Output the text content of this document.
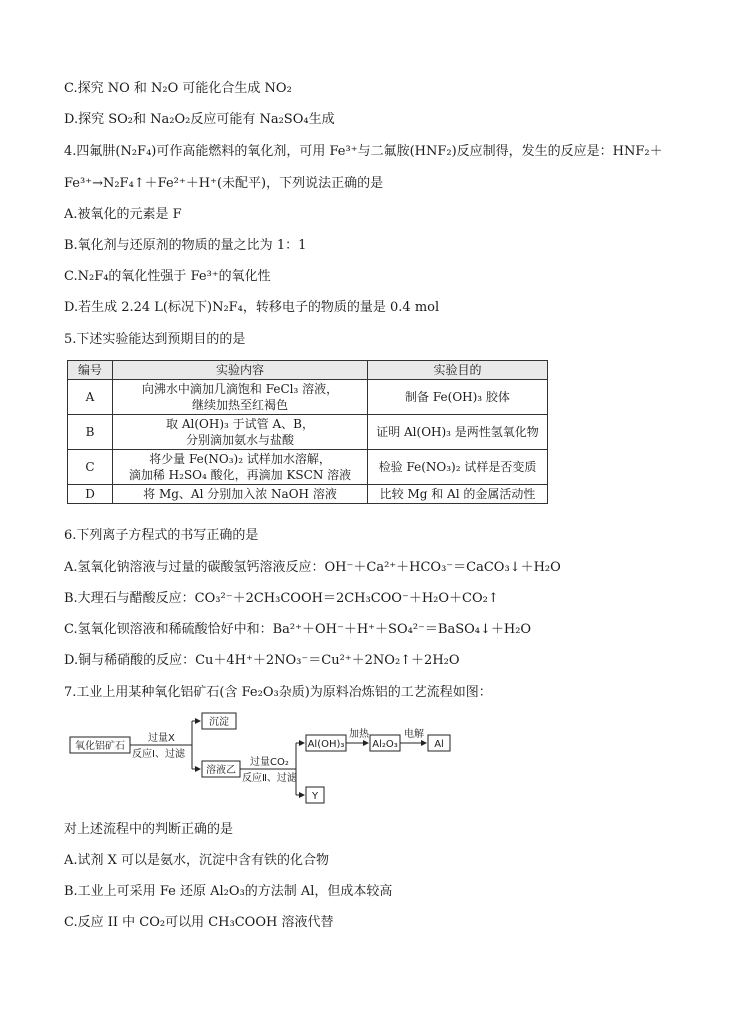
C.探究 NO 和 N₂O 可能化合生成 NO₂
D.探究 SO₂和 Na₂O₂反应可能有 Na₂SO₄生成
4.四氟肼(N₂F₄)可作高能燃料的氧化剂，可用 Fe³⁺与二氟胺(HNF₂)反应制得，发生的反应是：HNF₂＋
Fe³⁺→N₂F₄↑＋Fe²⁺＋H⁺(未配平)，下列说法正确的是
A.被氧化的元素是 F
B.氧化剂与还原剂的物质的量之比为 1：1
C.N₂F₄的氧化性强于 Fe³⁺的氧化性
D.若生成 2.24 L(标况下)N₂F₄，转移电子的物质的量是 0.4 mol
5.下述实验能达到预期目的的是
编号	实验内容	实验目的
A	向沸水中滴加几滴饱和 FeCl₃ 溶液，
继续加热至红褐色	制备 Fe(OH)₃ 胶体
B	取 Al(OH)₃ 于试管 A、B，
分别滴加氨水与盐酸	证明 Al(OH)₃ 是两性氢氧化物
C	将少量 Fe(NO₃)₂ 试样加水溶解，
滴加稀 H₂SO₄ 酸化，再滴加 KSCN 溶液	检验 Fe(NO₃)₂ 试样是否变质
D	将 Mg、Al 分别加入浓 NaOH 溶液	比较 Mg 和 Al 的金属活动性
6.下列离子方程式的书写正确的是
A.氢氧化钠溶液与过量的碳酸氢钙溶液反应：OH⁻＋Ca²⁺＋HCO₃⁻＝CaCO₃↓＋H₂O
B.大理石与醋酸反应：CO₃²⁻＋2CH₃COOH＝2CH₃COO⁻＋H₂O＋CO₂↑
C.氢氧化钡溶液和稀硫酸恰好中和：Ba²⁺＋OH⁻＋H⁺＋SO₄²⁻＝BaSO₄↓＋H₂O
D.铜与稀硝酸的反应：Cu＋4H⁺＋2NO₃⁻＝Cu²⁺＋2NO₂↑＋2H₂O
7.工业上用某种氧化铝矿石(含 Fe₂O₃杂质)为原料冶炼铝的工艺流程如图：
氧化铝矿石
过量X
反应Ⅰ、过滤
沉淀
溶液乙
过量CO₂
反应Ⅱ、过滤
Al(OH)₃
加热
Al₂O₃
电解
Al
Y
对上述流程中的判断正确的是
A.试剂 X 可以是氨水，沉淀中含有铁的化合物
B.工业上可采用 Fe 还原 Al₂O₃的方法制 Al，但成本较高
C.反应 II 中 CO₂可以用 CH₃COOH 溶液代替
